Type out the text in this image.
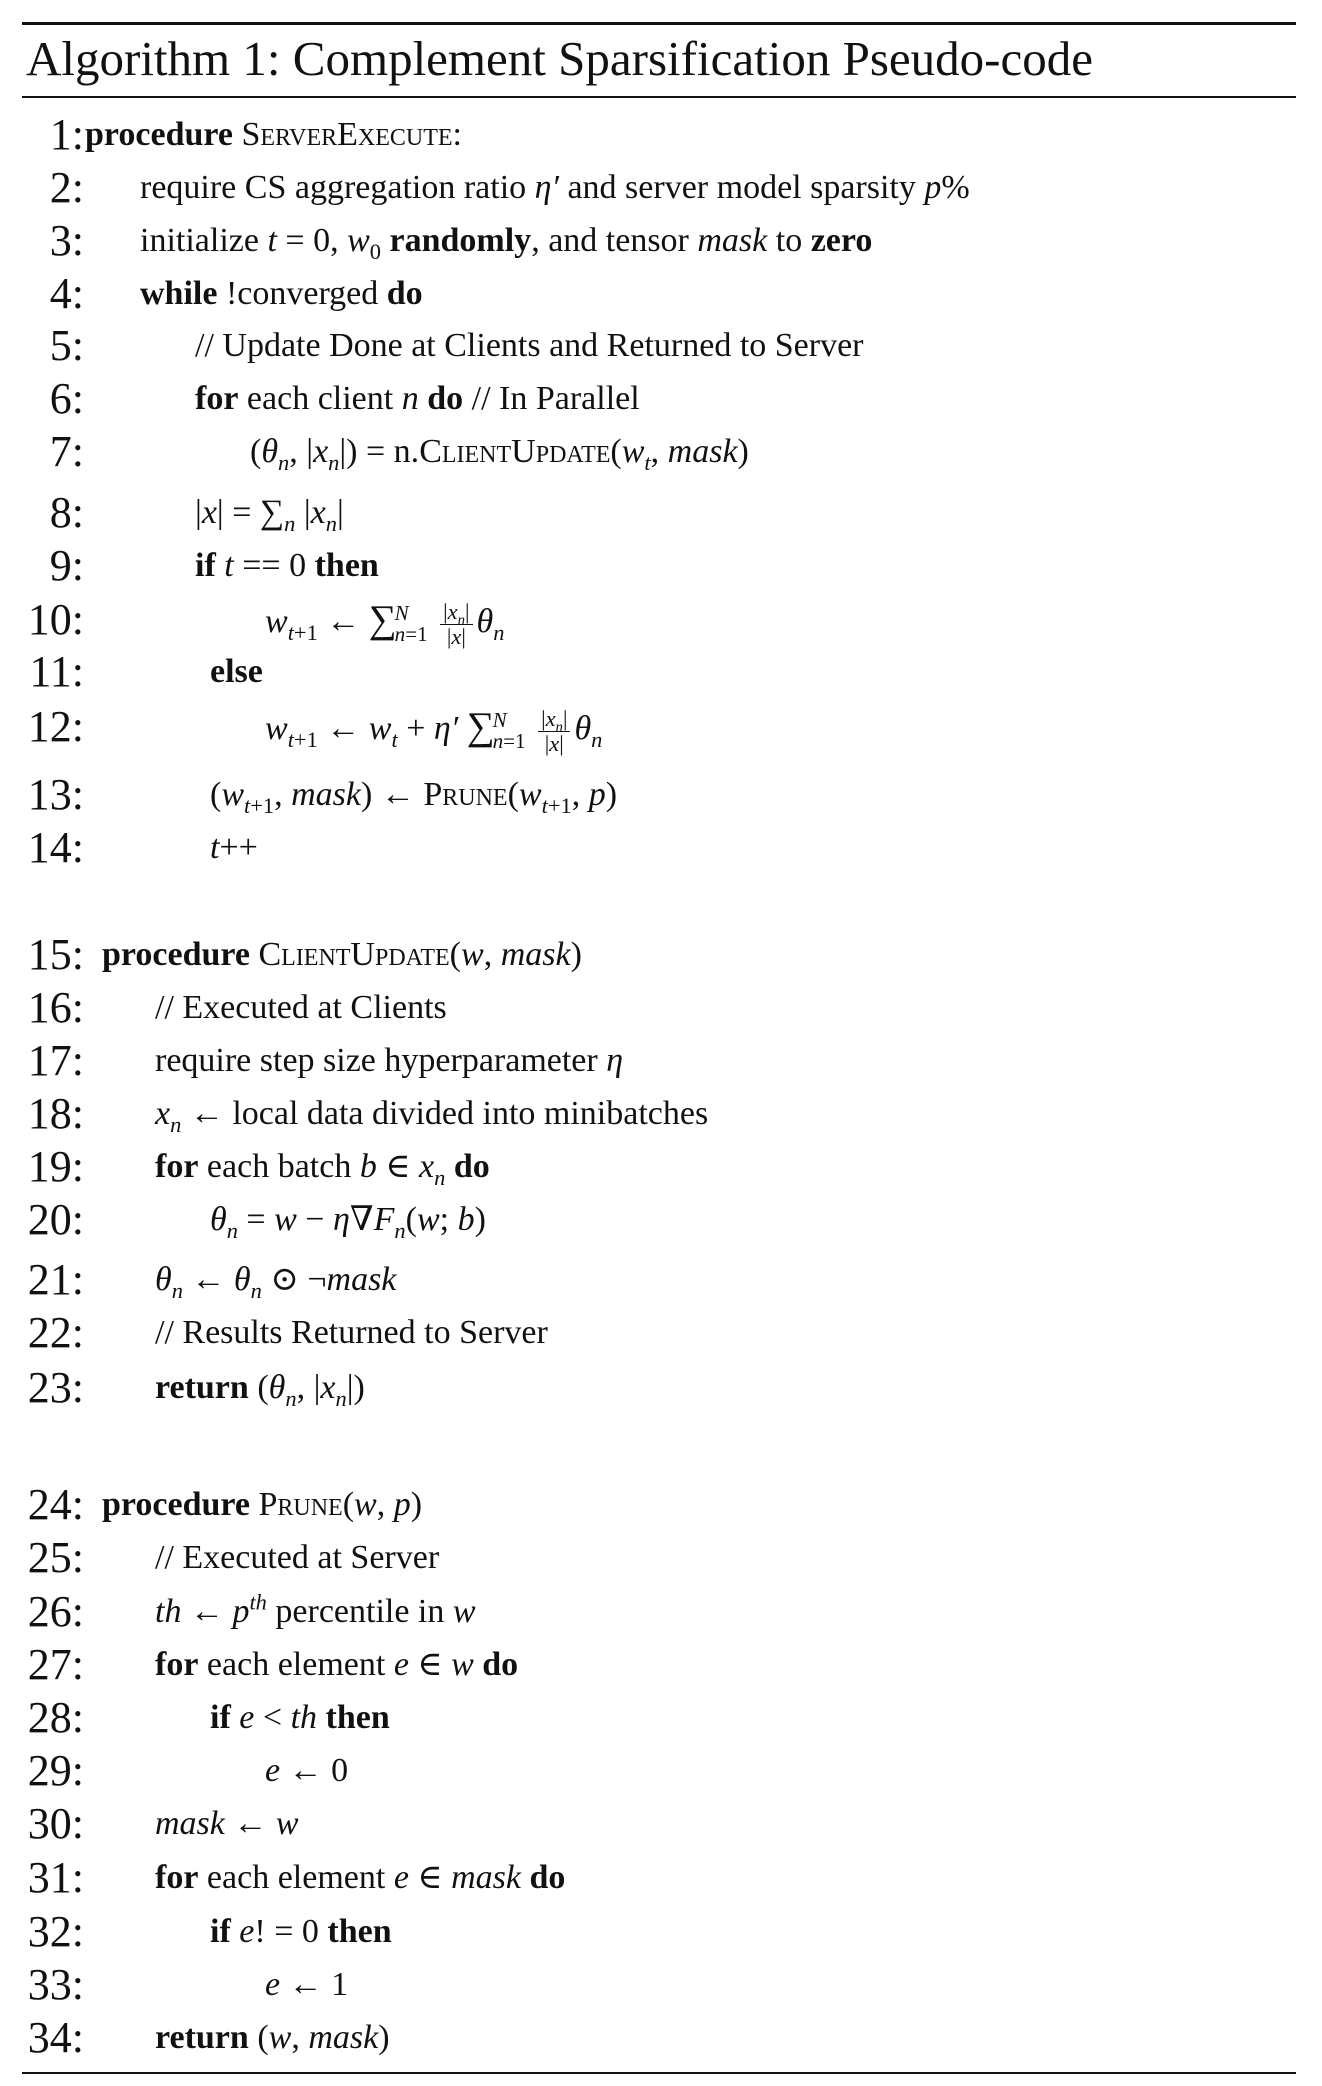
Algorithm 1: Complement Sparsification Pseudo-code
1: procedure ServerExecute:
2: require CS aggregation ratio η′ and server model sparsity p%
3: initialize t = 0, $w_0$ randomly, and tensor mask to zero
4: while !converged do
5:	// Update Done at Clients and Returned to Server
6:	for each client n do // In Parallel
7:	($\theta_n$, $|x_n|$) = $n.ClientUpdate(w_t$, mask)
8:	$|x| = \sum_n$ $|x_n|$
9:	if t == 0 then
10:	$w_{t+1}$ ← ∑
N
n=1
$\frac{|x_n|}{|x|} \theta_n$
11:	else
12:	$w_{t+1}$ ← $w_t + \eta'$ ∑
N
n=1
$\frac{|x_n|}{|x|} \theta_n$
13:	($w_{t+1}$, mask) ← $Prune(w_{t+1}$, p)
14:	t++
15: procedure ClientUpdate(w, mask)
16: // Executed at Clients
17: require step size hyperparameter η
18: $x_n$ ← local data divided into minibatches
19: for each batch b ∈ $x_n$ do
20:	$\theta_n = w - \eta\nabla F_n(w$; b)
21: $\theta_n$ ← $\theta_n$ ⊙ ¬mask
22: // Results Returned to Server
23: return ($\theta_n$, $|x_n|$)
24: procedure Prune(w, p)
25: // Executed at Server
26: th ← $p^{th}$ percentile in w
27: for each element e ∈ w do
28:	if e < th then
29:	e ← 0
30: mask ← w
31: for each element e ∈ mask do
32:	if e! = 0 then
33:	e ← 1
34: return (w, mask)
